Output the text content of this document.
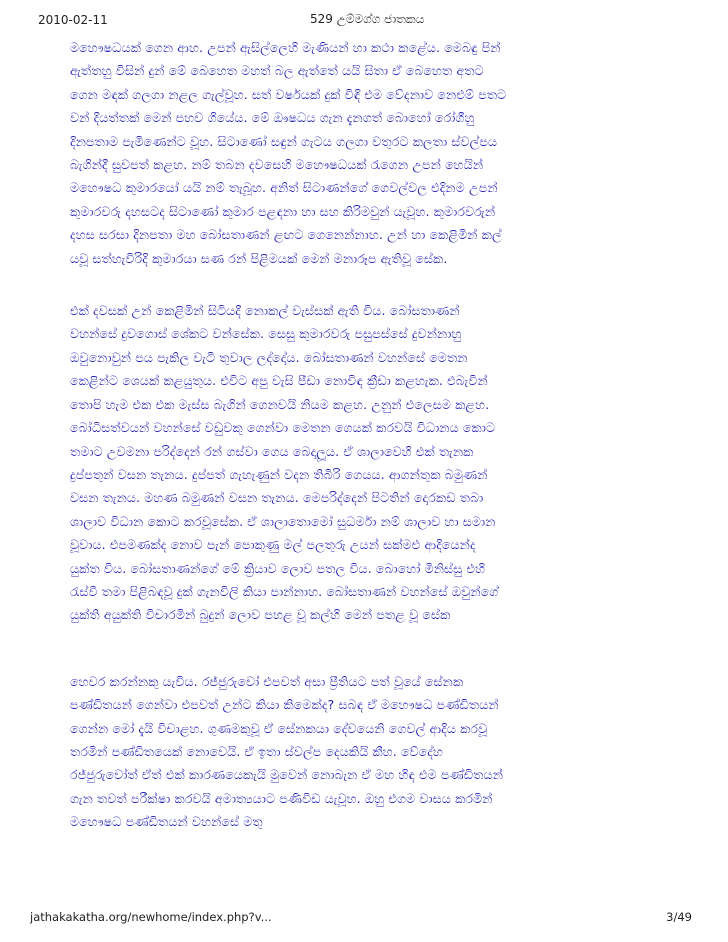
2010-02-11	529 උම්මග්ග ජාතකය
මහෞෂධයක් ගෙන ආහ. උපන් ඇසිල්ලෙහි මැණියන් හා කථා කළේය. මෙබඳු පින්
ඇත්තහු විසින් දුන් මේ බෙහෙත මහත් බල ඇත්තේ යයි සිතා ඒ බෙහෙත අතට
ගෙන මඳක් ගලගා නළල ගැල්වූහ. සත් වර්ෂයක් දුක් විඳි එම වේදනාව නෙළුම් පතට
වන් දියත්තක් මෙන් පහව ගියේය. මේ ඖෂධය ගැන දැනගත් බොහෝ රෝගීහු
දිනපතාම පැමිණෙන්ට වූහ. සිටාණෝ සඳුන් ගැටය ගලගා වතුරට කලතා ස්වල්පය
බැගින්දී සුවපත් කළහ. නම් තබන දවසෙහි මහෞෂධයක් රැගෙන උපන් හෙයින්
මහෞෂධ කුමාරයෝ යයි නම් තැබූහ. අනිත් සිටාණන්ගේ ගෙවල්වල එදිනම උපන්
කුමාරවරු දහසටද සිටාණෝ කුමාර පළඳනා හා සහ කිරිමවුන් යැවූහ. කුමාරවරුන්
දහස සරසා දිනපතා මහ බෝසතාණන් ළඟට ගෙනෙන්නාහ. උන් හා කෙළිමින් කල්
යවූ සත්හැවිරිදි කුමාරයා සණ රන් පිළිමයක් මෙන් මනාරූප ඇතිවූ සේක.
එක් දවසක් උන් කෙළිමින් සිටියදී නොකල් වැස්සක් ඇති විය. බෝසතාණන්
වහන්සේ දුවගොස් ශේකට වන්සේක. සෙසු කුමාරවරු පසුපස්සේ දුවන්නාහු
ඔවුනොවුන් පය පැකිල වැටී තුවාල ලද්දෝය. බෝසතාණන් වහන්සේ මෙතන
කෙළින්ට ශෙයක් කළයුතුය. එවිට අපු වැසි පීඩා නොවිඳ ක්‍රීඩා කළහැක. එබැවින්
තොපි හැම එක එක මැස්ස බැගින් ගෙනවයි නියම කළහ. උනුන් එලෙසම කළහ.
බෝධිසත්වයන් වහන්සේ වඩුවකු ගෙන්වා මෙතන ගෙයක් කරවයි විධානය කොට
තමාට උවමනා පරිද්දෙන් රන් ගස්වා ගෙය බෙදාලූය. ඒ ශාලාවෙහි එක් තැනක
දුප්පතුන් වසන තැනය. දුප්පත් ගැහැණුන් වදන තිබිරි ගෙයය. ආගන්තුක බමුණන්
වසන තැනය. මහණ බමුණන් වසන තැනය. මෙපරිද්දෙන් පිටතින් දොරකඩ තබා
ශාලාව විධාන කොට කරවූසේක. ඒ ශාලාතොමෝ සුධර්මා නම් ශාලාව හා සමාන
වූවාය. එපමණක්ද නොව පැන් පොකුණු මල් පලතුරු උයන් සක්මළු ආදියෙන්ද
යුක්ත විය. බෝසතාණන්ගේ මේ ක්‍රියාව ලොව පතල විය. බොහෝ මිනිස්සු එහි
රැස්වී තමා පිළිබඳවූ දුක් ගැනවිලි කියා පාන්නාහ. බෝසතාණන් වහන්සේ ඔවුන්ගේ
යුක්ති අයුක්ති විචාරමින් බුදුන් ලොව පහළ වූ කල්හි මෙන් පතළ වූ සේක
හෙවර කරන්නකු යැවිය. රජ්ජුරුවෝ එපවත් අසා ප්‍රීතියට පත් වූයේ සේනක
පණ්ඩිතයන් ගෙන්වා එපවත් උන්ට කියා කිමෙක්ද? සබඳ ඒ මහෞෂධ පණ්ඩිතයන්
ගෙන්න මෝ දැයි විචාළහ. ගුණමකුවූ ඒ සේනකයා දේවයෙනි ගෙවල් ආදිය කරවූ
තරමින් පණ්ඩිතයෙක් නොවෙයි. ඒ ඉතා ස්වල්ප දෙයකියි කීහ. වේදේහ
රජ්ජුරුවෝත් ඒත් එක් කාරණයෙකැයි මුවෙන් නොබැන ඒ මහ හිඳ එම පණ්ඩිතයන්
ගැන තවත් පරීක්ෂා කරවයි අමාත්‍යයාට පණිවිඩ යැවූහ. ඔහු එගම වාසය කරමින්
මහෞෂධ පණ්ඩිතයන් වහන්සේ මතු
jathakakatha.org/newhome/index.php?v...	3/49
